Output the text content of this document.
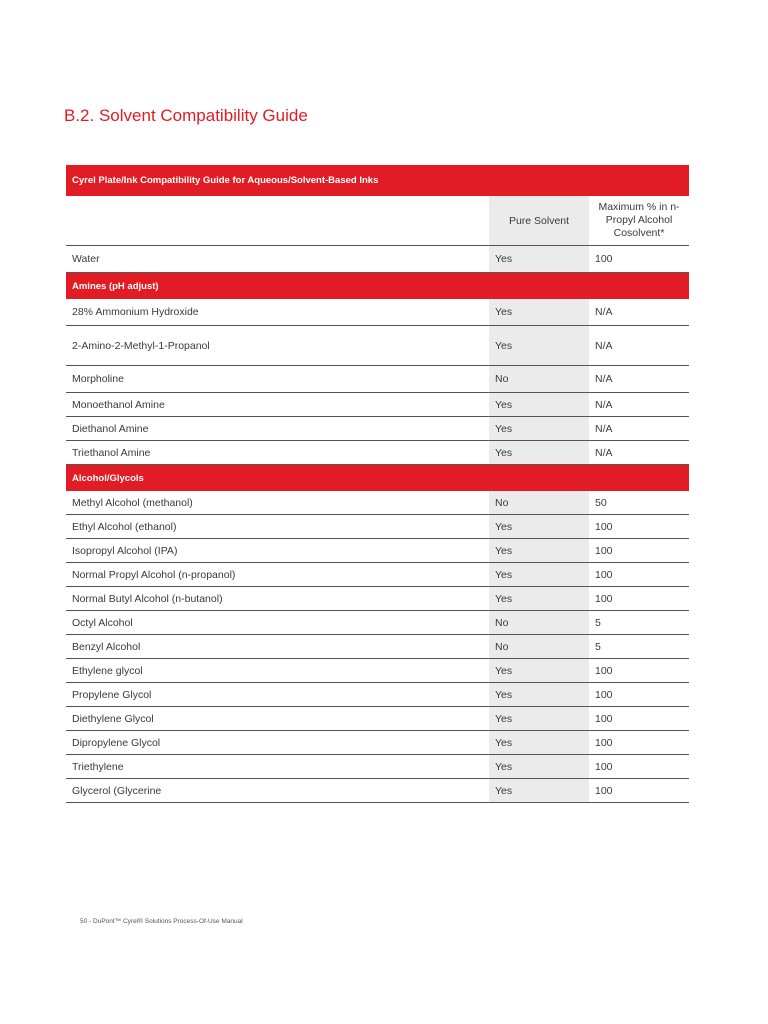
B.2. Solvent Compatibility Guide
Cyrel Plate/Ink Compatibility Guide for Aqueous/Solvent-Based Inks		
	Pure Solvent	Maximum % in n-Propyl Alcohol Cosolvent*
Water	Yes	100
Amines (pH adjust)		
28% Ammonium Hydroxide	Yes	N/A
2-Amino-2-Methyl-1-Propanol	Yes	N/A
Morpholine	No	N/A
Monoethanol Amine	Yes	N/A
Diethanol Amine	Yes	N/A
Triethanol Amine	Yes	N/A
Alcohol/Glycols		
Methyl Alcohol (methanol)	No	50
Ethyl Alcohol (ethanol)	Yes	100
Isopropyl Alcohol (IPA)	Yes	100
Normal Propyl Alcohol (n-propanol)	Yes	100
Normal Butyl Alcohol (n-butanol)	Yes	100
Octyl Alcohol	No	5
Benzyl Alcohol	No	5
Ethylene glycol	Yes	100
Propylene Glycol	Yes	100
Diethylene Glycol	Yes	100
Dipropylene Glycol	Yes	100
Triethylene	Yes	100
Glycerol (Glycerine	Yes	100
50 - DuPont™ Cyrel® Solutions Process-Of-Use Manual
